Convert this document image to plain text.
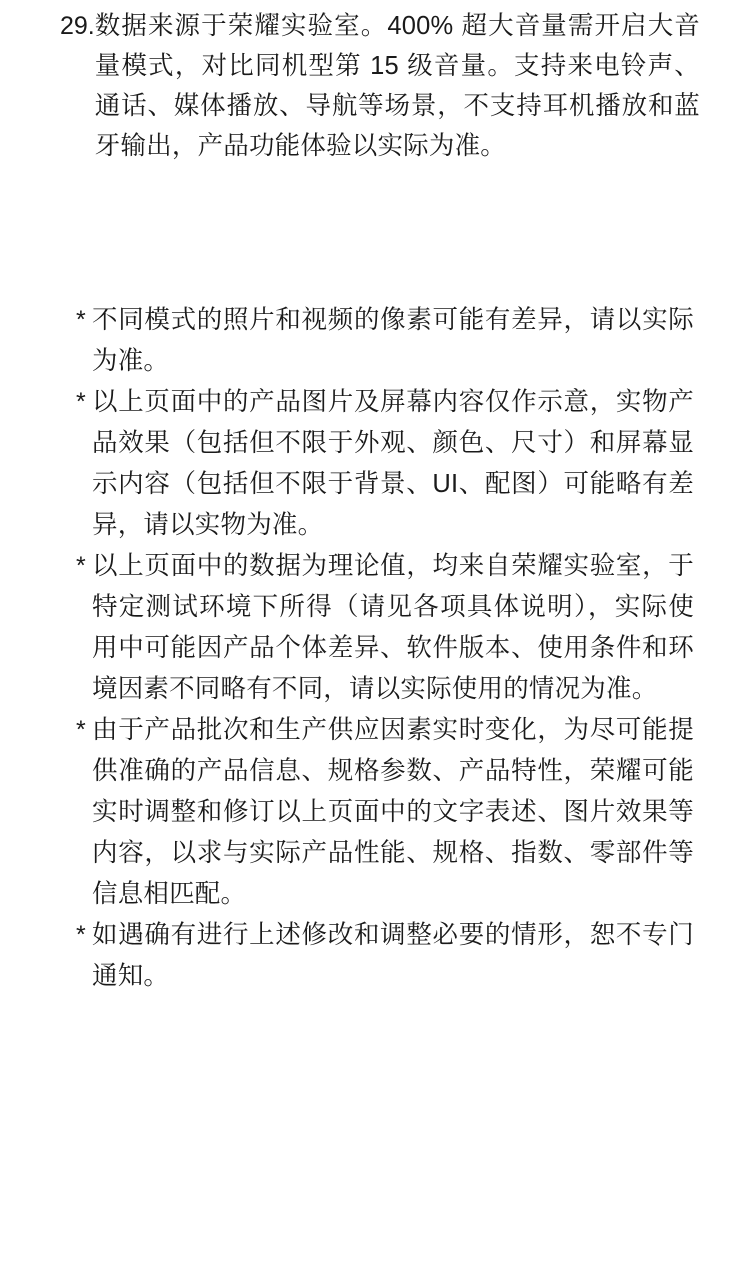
29. 数据来源于荣耀实验室。400% 超大音量需开启大音量模式，对比同机型第 15 级音量。支持来电铃声、通话、媒体播放、导航等场景，不支持耳机播放和蓝牙输出，产品功能体验以实际为准。
* 不同模式的照片和视频的像素可能有差异，请以实际为准。
* 以上页面中的产品图片及屏幕内容仅作示意，实物产品效果（包括但不限于外观、颜色、尺寸）和屏幕显示内容（包括但不限于背景、UI、配图）可能略有差异，请以实物为准。
* 以上页面中的数据为理论值，均来自荣耀实验室，于特定测试环境下所得（请见各项具体说明），实际使用中可能因产品个体差异、软件版本、使用条件和环境因素不同略有不同，请以实际使用的情况为准。
* 由于产品批次和生产供应因素实时变化，为尽可能提供准确的产品信息、规格参数、产品特性，荣耀可能实时调整和修订以上页面中的文字表述、图片效果等内容，以求与实际产品性能、规格、指数、零部件等信息相匹配。
* 如遇确有进行上述修改和调整必要的情形，恕不专门通知。
